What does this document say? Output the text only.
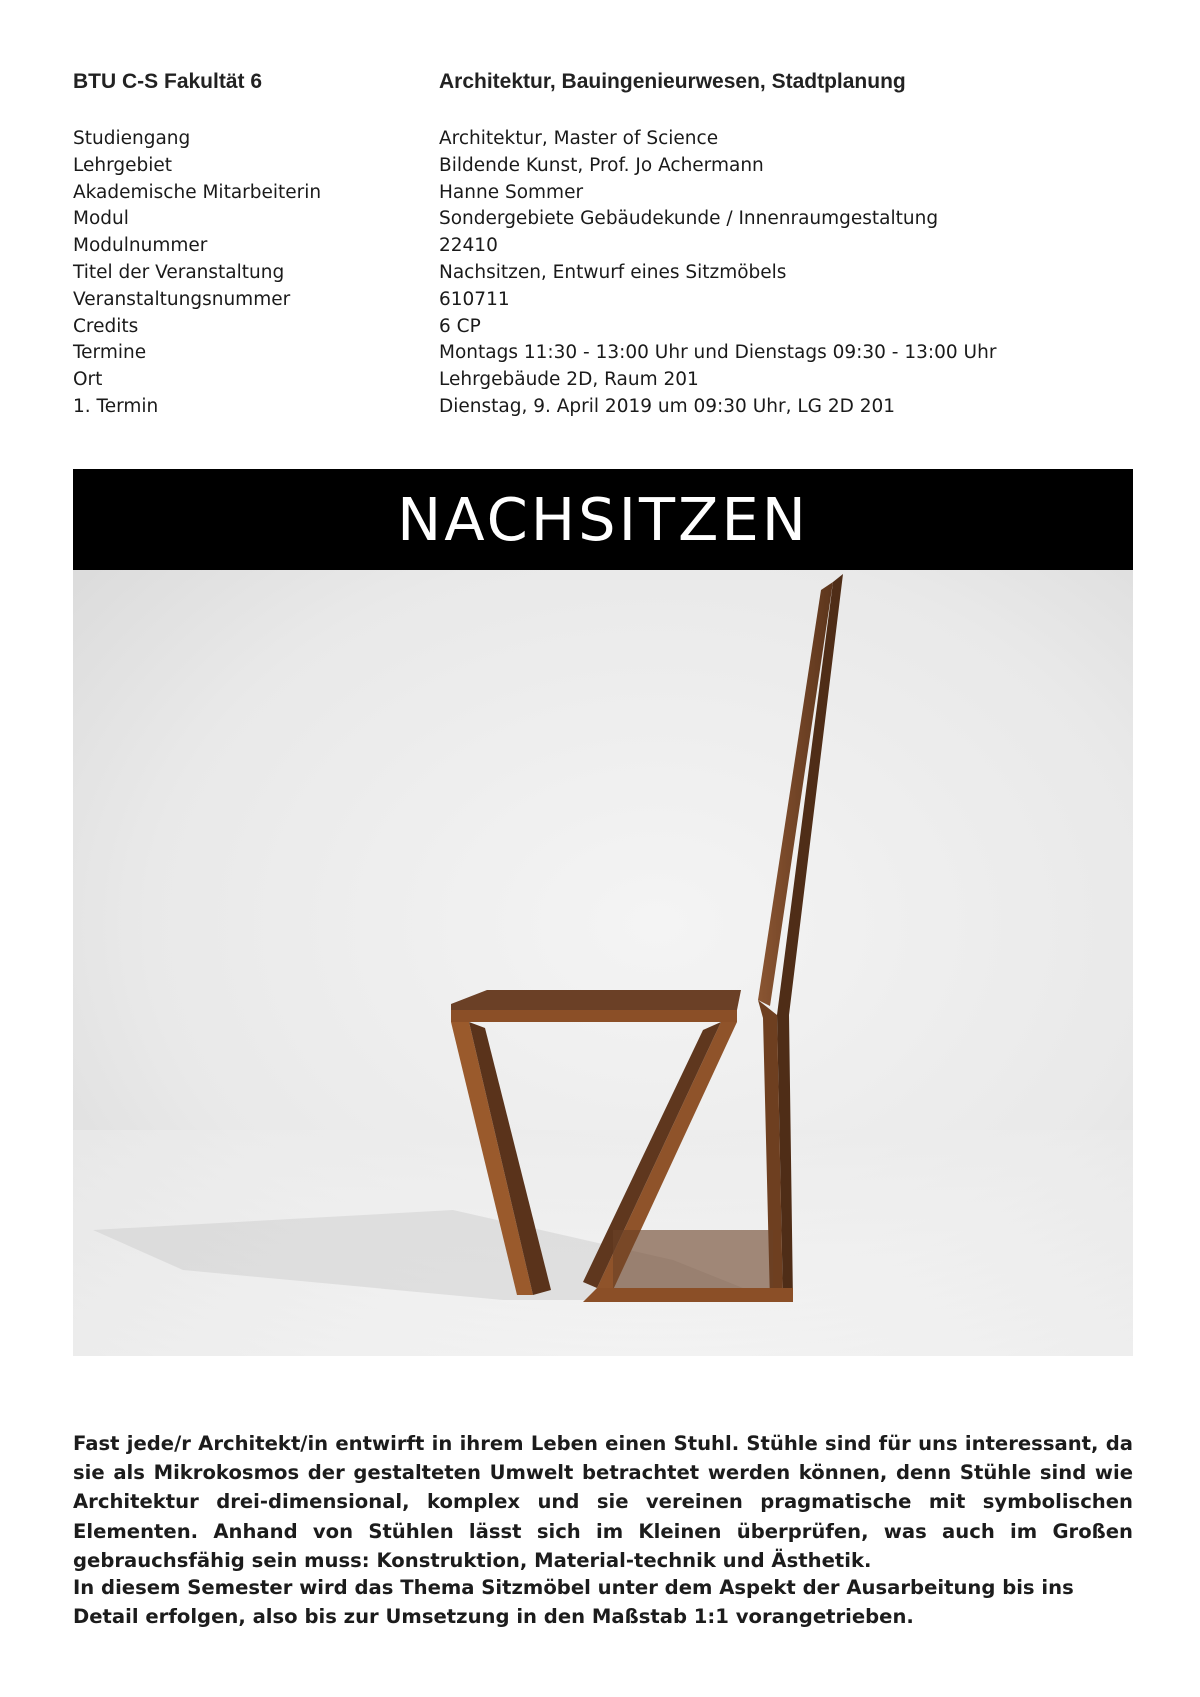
BTU C-S Fakultät 6	Architektur, Bauingenieurwesen, Stadtplanung
Studiengang	Architektur, Master of Science
Lehrgebiet	Bildende Kunst, Prof. Jo Achermann
Akademische Mitarbeiterin	Hanne Sommer
Modul	Sondergebiete Gebäudekunde / Innenraumgestaltung
Modulnummer	22410
Titel der Veranstaltung	Nachsitzen, Entwurf eines Sitzmöbels
Veranstaltungsnummer	610711
Credits	6 CP
Termine	Montags 11:30 - 13:00 Uhr und Dienstags 09:30 - 13:00 Uhr
Ort	Lehrgebäude 2D, Raum 201
1. Termin	Dienstag, 9. April 2019 um 09:30 Uhr, LG 2D 201
NACHSITZEN

Fast jede/r Architekt/in entwirft in ihrem Leben einen Stuhl. Stühle sind für uns interessant, da sie als Mikrokosmos der gestalteten Umwelt betrachtet werden können, denn Stühle sind wie Architektur drei-dimensional, komplex und sie vereinen pragmatische mit symbolischen Elementen. Anhand von Stühlen lässt sich im Kleinen überprüfen, was auch im Großen gebrauchsfähig sein muss: Konstruktion, Material-technik und Ästhetik.

In diesem Semester wird das Thema Sitzmöbel unter dem Aspekt der Ausarbeitung bis ins Detail erfolgen, also bis zur Umsetzung in den Maßstab 1:1 vorangetrieben.
